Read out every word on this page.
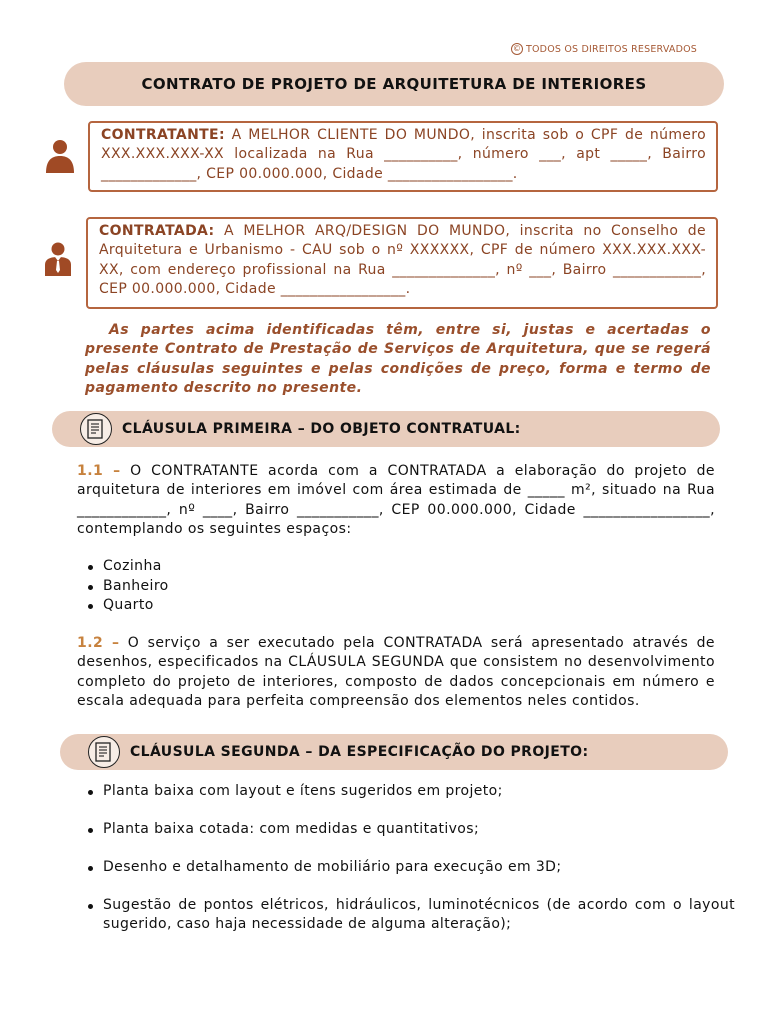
© TODOS OS DIREITOS RESERVADOS
CONTRATO DE PROJETO DE ARQUITETURA DE INTERIORES
CONTRATANTE: A MELHOR CLIENTE DO MUNDO, inscrita sob o CPF de número XXX.XXX.XXX-XX localizada na Rua __________, número ___, apt _____, Bairro _____________, CEP 00.000.000, Cidade _________________.
CONTRATADA: A MELHOR ARQ/DESIGN DO MUNDO, inscrita no Conselho de Arquitetura e Urbanismo - CAU sob o nº XXXXXX, CPF de número XXX.XXX.XXX-XX, com endereço profissional na Rua ______________, nº ___, Bairro ____________, CEP 00.000.000, Cidade _________________.

As partes acima identificadas têm, entre si, justas e acertadas o presente Contrato de Prestação de Serviços de Arquitetura, que se regerá pelas cláusulas seguintes e pelas condições de preço, forma e termo de pagamento descrito no presente.

CLÁUSULA PRIMEIRA – DO OBJETO CONTRATUAL:

1.1 – O CONTRATANTE acorda com a CONTRATADA a elaboração do projeto de arquitetura de interiores em imóvel com área estimada de _____ m², situado na Rua ____________, nº ____, Bairro ___________, CEP 00.000.000, Cidade _________________, contemplando os seguintes espaços:

Cozinha
Banheiro
Quarto

1.2 – O serviço a ser executado pela CONTRATADA será apresentado através de desenhos, especificados na CLÁUSULA SEGUNDA que consistem no desenvolvimento completo do projeto de interiores, composto de dados concepcionais em número e escala adequada para perfeita compreensão dos elementos neles contidos.

CLÁUSULA SEGUNDA – DA ESPECIFICAÇÃO DO PROJETO:

Planta baixa com layout e ítens sugeridos em projeto;

Planta baixa cotada: com medidas e quantitativos;

Desenho e detalhamento de mobiliário para execução em 3D;

Sugestão de pontos elétricos, hidráulicos, luminotécnicos (de acordo com o layout sugerido, caso haja necessidade de alguma alteração);
